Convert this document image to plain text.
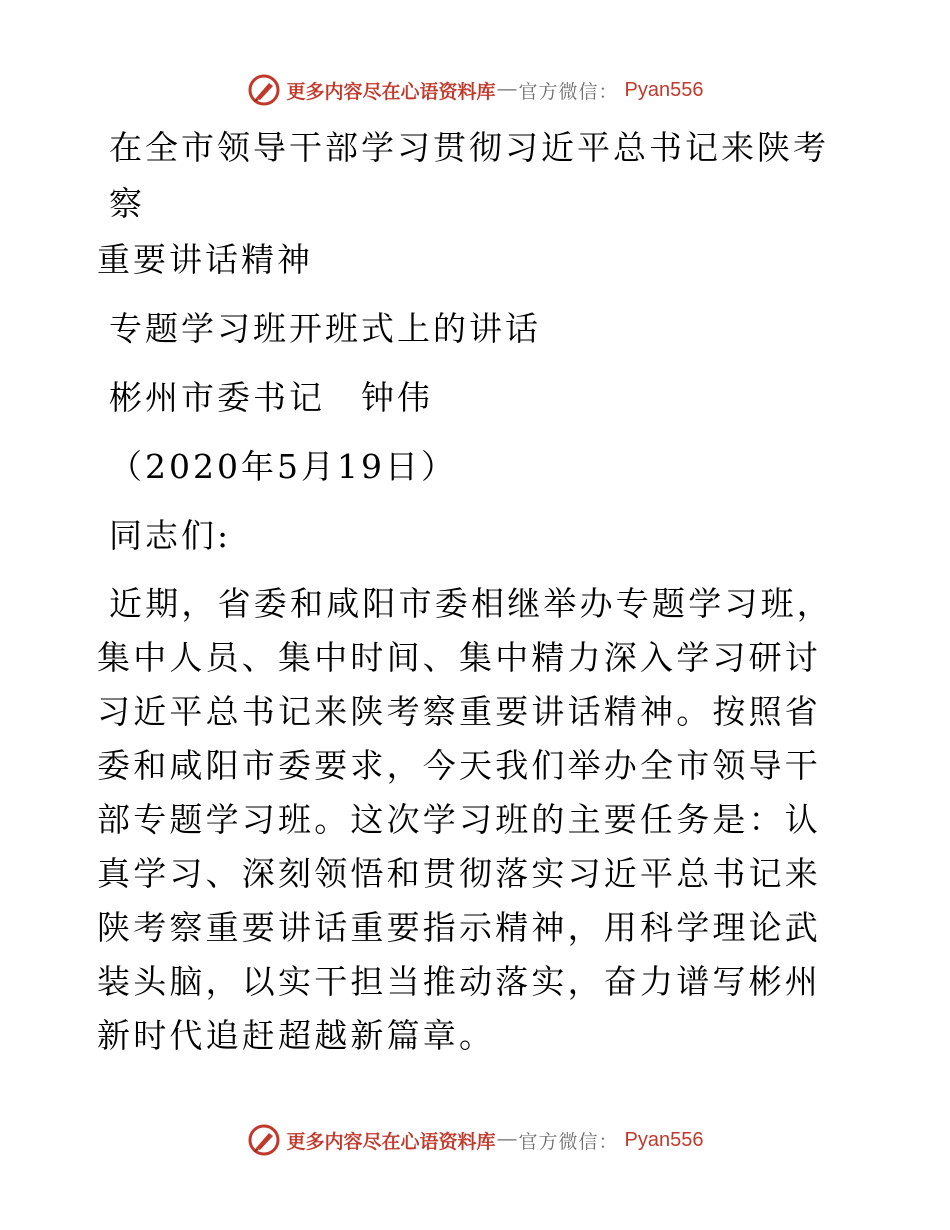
更多内容尽在心语资料库 — 官方微信： Pyan556
在全市领导干部学习贯彻习近平总书记来陕考察
重要讲话精神

专题学习班开班式上的讲话

彬州市委书记　钟伟

（2020年5月19日）

同志们:

近期，省委和咸阳市委相继举办专题学习班，集中人员、集中时间、集中精力深入学习研讨习近平总书记来陕考察重要讲话精神。按照省委和咸阳市委要求，今天我们举办全市领导干部专题学习班。这次学习班的主要任务是：认真学习、深刻领悟和贯彻落实习近平总书记来陕考察重要讲话重要指示精神，用科学理论武装头脑，以实干担当推动落实，奋力谱写彬州新时代追赶超越新篇章。

更多内容尽在心语资料库 — 官方微信： Pyan556
